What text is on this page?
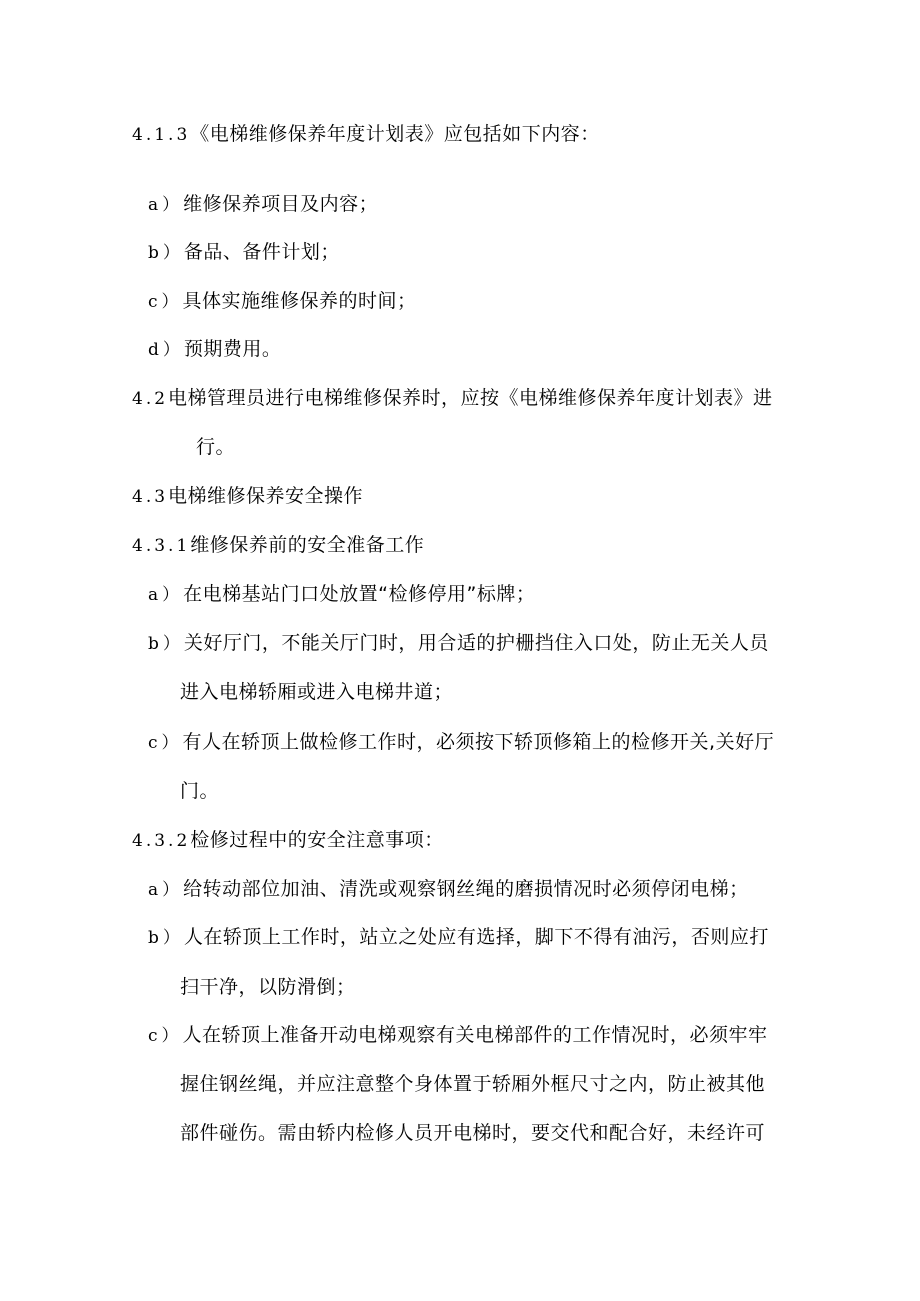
4.1.3《电梯维修保养年度计划表》应包括如下内容：
a）维修保养项目及内容；
b）备品、备件计划；
c）具体实施维修保养的时间；
d）预期费用。
4.2电梯管理员进行电梯维修保养时，应按《电梯维修保养年度计划表》进
行。
4.3电梯维修保养安全操作
4.3.1维修保养前的安全准备工作
a）在电梯基站门口处放置“检修停用”标牌；
b）关好厅门，不能关厅门时，用合适的护栅挡住入口处，防止无关人员
进入电梯轿厢或进入电梯井道；
c）有人在轿顶上做检修工作时，必须按下轿顶修箱上的检修开关,关好厅
门。
4.3.2检修过程中的安全注意事项：
a）给转动部位加油、清洗或观察钢丝绳的磨损情况时必须停闭电梯；
b）人在轿顶上工作时，站立之处应有选择，脚下不得有油污，否则应打
扫干净，以防滑倒；
c）人在轿顶上准备开动电梯观察有关电梯部件的工作情况时，必须牢牢
握住钢丝绳，并应注意整个身体置于轿厢外框尺寸之内，防止被其他
部件碰伤。需由轿内检修人员开电梯时，要交代和配合好，未经许可
